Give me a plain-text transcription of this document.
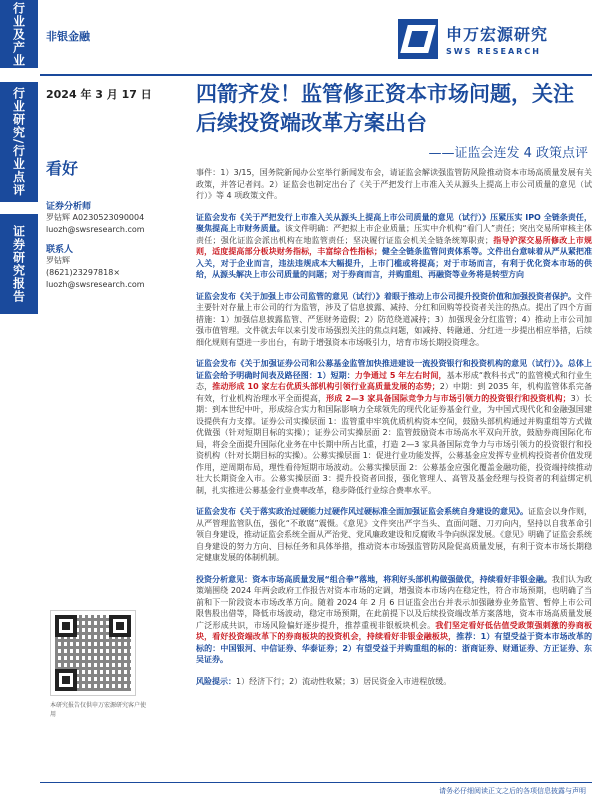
行业及产业
行业研究/行业点评
证券研究报告
非银金融	申万宏源研究
SWS RESEARCH
2024 年 3 月 17 日
看好
证券分析师
罗钻辉 A0230523090004
luozh@swsresearch.com
联系人
罗钻辉
(8621)23297818×
luozh@swsresearch.com
四箭齐发！监管修正资本市场问题，关注后续投资端改革方案出台
——证监会连发 4 政策点评
事件：1）3/15，国务院新闻办公室举行新闻发布会，请证监会解读强监管防风险推动资本市场高质量发展有关政策，并答记者问。2）证监会也制定出台了《关于严把发行上市准入关从源头上提高上市公司质量的意见（试行）》等 4 项政策文件。
证监会发布《关于严把发行上市准入关从源头上提高上市公司质量的意见（试行）》压紧压实 IPO 全链条责任，聚焦提高上市财务质量。该文件明确：严把拟上市企业质量；压实中介机构“看门人”责任；突出交易所审核主体责任；强化证监会派出机构在地监管责任；坚决履行证监会机关全链条统筹职责；指导沪深交易所修改上市规则，适度提高部分板块财务指标，丰富综合性指标；健全全链条监管问责体系等。文件出台意味着从严从紧把准入关，对于企业而言，违法违规成本大幅提升，上市门槛或将提高；对于市场而言，有利于优化资本市场的供给，从源头解决上市公司质量的问题；对于券商而言，并购重组、再融资等业务将是转型方向
证监会发布《关于加强上市公司监管的意见（试行）》着眼于推动上市公司提升投资价值和加强投资者保护。文件主要针对存量上市公司的行为监管，涉及了信息披露、减持、分红和回购等投资者关注的热点。提出了四个方面措施：1）加强信息披露监管、严惩财务造假；2）防范绕道减持；3）加强现金分红监管；4）推动上市公司加强市值管理。文件就去年以来引发市场强烈关注的焦点问题，如减持、转融通、分红进一步提出相应举措，后续细化规则有望进一步出台，有助于增强资本市场吸引力，培育市场长期投资理念。
证监会发布《关于加强证券公司和公募基金监管加快推进建设一流投资银行和投资机构的意见（试行）》。总体上证监会给予明确时间表及路径图：1）短期：力争通过 5 年左右时间，基本形成“教科书式”的监管模式和行业生态，推动形成 10 家左右优质头部机构引领行业高质量发展的态势；2）中期：到 2035 年，机构监管体系完备有效，行业机构治理水平全面提高，形成 2—3 家具备国际竞争力与市场引领力的投资银行和投资机构；3）长期：到本世纪中叶，形成综合实力和国际影响力全球领先的现代化证券基金行业，为中国式现代化和金融强国建设提供有力支撑。证券公司实操层面 1：监管重申牢筑优质机构资本空间，鼓励头部机构通过并购重组等方式做优做强（针对短期目标的实操）；证券公司实操层面 2：监管鼓励资本市场高水平双向开放，鼓励券商国际化布局，将会全面提升国际化业务在中长期中所占比重，打造 2—3 家具备国际竞争力与市场引领力的投资银行和投资机构（针对长期目标的实操）。公募实操层面 1：促进行业功能发挥，公募基金应发挥专业机构投资者价值发现作用，逆周期布局，理性看待短期市场波动。公募实操层面 2：公募基金应强化覆盖金融功能，投资端持续推动壮大长期资金入市。公募实操层面 3：提升投资者回报，强化管理人、高管及基金经理与投资者的利益绑定机制，扎实推进公募基金行业费率改革，稳步降低行业综合费率水平。
证监会发布《关于落实政治过硬能力过硬作风过硬标准全面加强证监会系统自身建设的意见》。证监会以身作则，从严管理监管队伍，强化“不敢腐”震慑。《意见》文件突出严字当头、直面问题、刀刃向内，坚持以自我革命引领自身建设，推动证监会系统全面从严治党、党风廉政建设和反腐败斗争向纵深发展。《意见》明确了证监会系统自身建设的努力方向、目标任务和具体举措，推动资本市场强监管防风险促高质量发展，有利于资本市场长期稳定健康发展的体制机制。
投资分析意见：资本市场高质量发展“组合拳”落地，将利好头部机构做强做优，持续看好非银金融。我们认为政策端围绕 2024 年两会政府工作报告对资本市场的定调，增强资本市场内在稳定性，符合市场预期，也明确了当前和下一阶段资本市场改革方向。随着 2024 年 2 月 6 日证监会出台并表示加强融券业务监管、暂停上市公司限售股出借等，降低市场波动，稳定市场预期，在此前提下以及后续投资端改革方案落地，资本市场高质量发展广泛形成共识，市场风险偏好逐步提升，推荐重视非银板块机会。我们坚定看好低估值受政策强刺激的券商板块，看好投资端改革下的券商板块的投资机会，持续看好非银金融板块，推荐：1）有望受益于资本市场改革的标的：中国银河、中信证券、华泰证券；2）有望受益于并购重组的标的：浙商证券、财通证券、方正证券、东吴证券。
风险提示：1）经济下行；2）流动性收紧；3）居民资金入市进程放缓。
本研究报告仅供申万宏源研究客户使用
请务必仔细阅读正文之后的各项信息披露与声明
